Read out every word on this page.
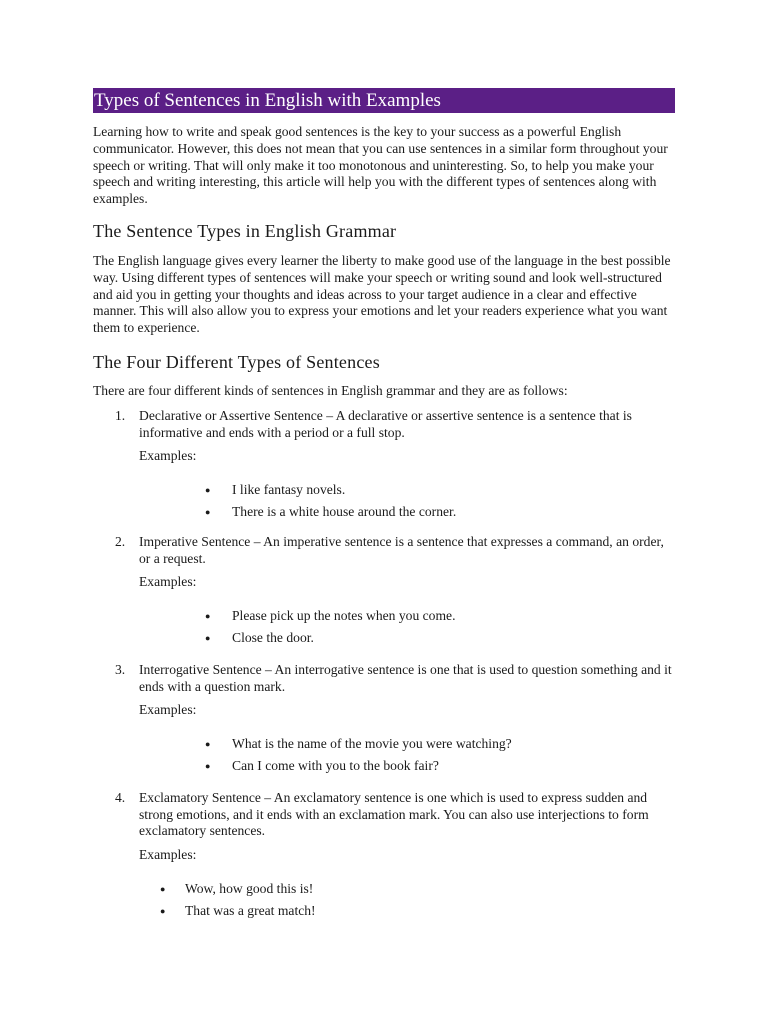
Types of Sentences in English with Examples

Learning how to write and speak good sentences is the key to your success as a powerful English communicator. However, this does not mean that you can use sentences in a similar form throughout your speech or writing. That will only make it too monotonous and uninteresting. So, to help you make your speech and writing interesting, this article will help you with the different types of sentences along with examples.

The Sentence Types in English Grammar

The English language gives every learner the liberty to make good use of the language in the best possible way. Using different types of sentences will make your speech or writing sound and look well-structured and aid you in getting your thoughts and ideas across to your target audience in a clear and effective manner. This will also allow you to express your emotions and let your readers experience what you want them to experience.

The Four Different Types of Sentences

There are four different kinds of sentences in English grammar and they are as follows:

1. Declarative or Assertive Sentence – A declarative or assertive sentence is a sentence that is informative and ends with a period or a full stop.
Examples:
● I like fantasy novels.
● There is a white house around the corner.
2. Imperative Sentence – An imperative sentence is a sentence that expresses a command, an order, or a request.
Examples:
● Please pick up the notes when you come.
● Close the door.
3. Interrogative Sentence – An interrogative sentence is one that is used to question something and it ends with a question mark.
Examples:
● What is the name of the movie you were watching?
● Can I come with you to the book fair?
4. Exclamatory Sentence – An exclamatory sentence is one which is used to express sudden and strong emotions, and it ends with an exclamation mark. You can also use interjections to form exclamatory sentences.
Examples:
● Wow, how good this is!
● That was a great match!
